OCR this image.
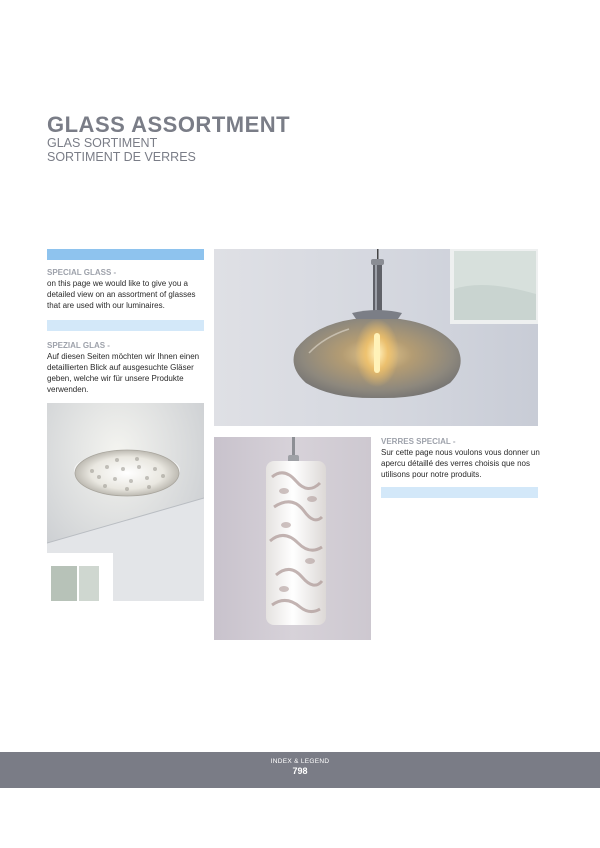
GLASS ASSORTMENT

GLAS SORTIMENT

SORTIMENT DE VERRES

SPECIAL GLASS -
on this page we would like to give you a detailed view on an assortment of glasses that are used with our luminaires.
SPEZIAL GLAS -
Auf diesen Seiten möchten wir Ihnen einen detaillierten Blick auf ausgesuchte Gläser geben, welche wir für unsere Produkte verwenden.
VERRES SPECIAL -
Sur cette page nous voulons vous donner un apercu détaillé des verres choisis que nos utilisons pour notre produits.
INDEX & LEGEND
798
